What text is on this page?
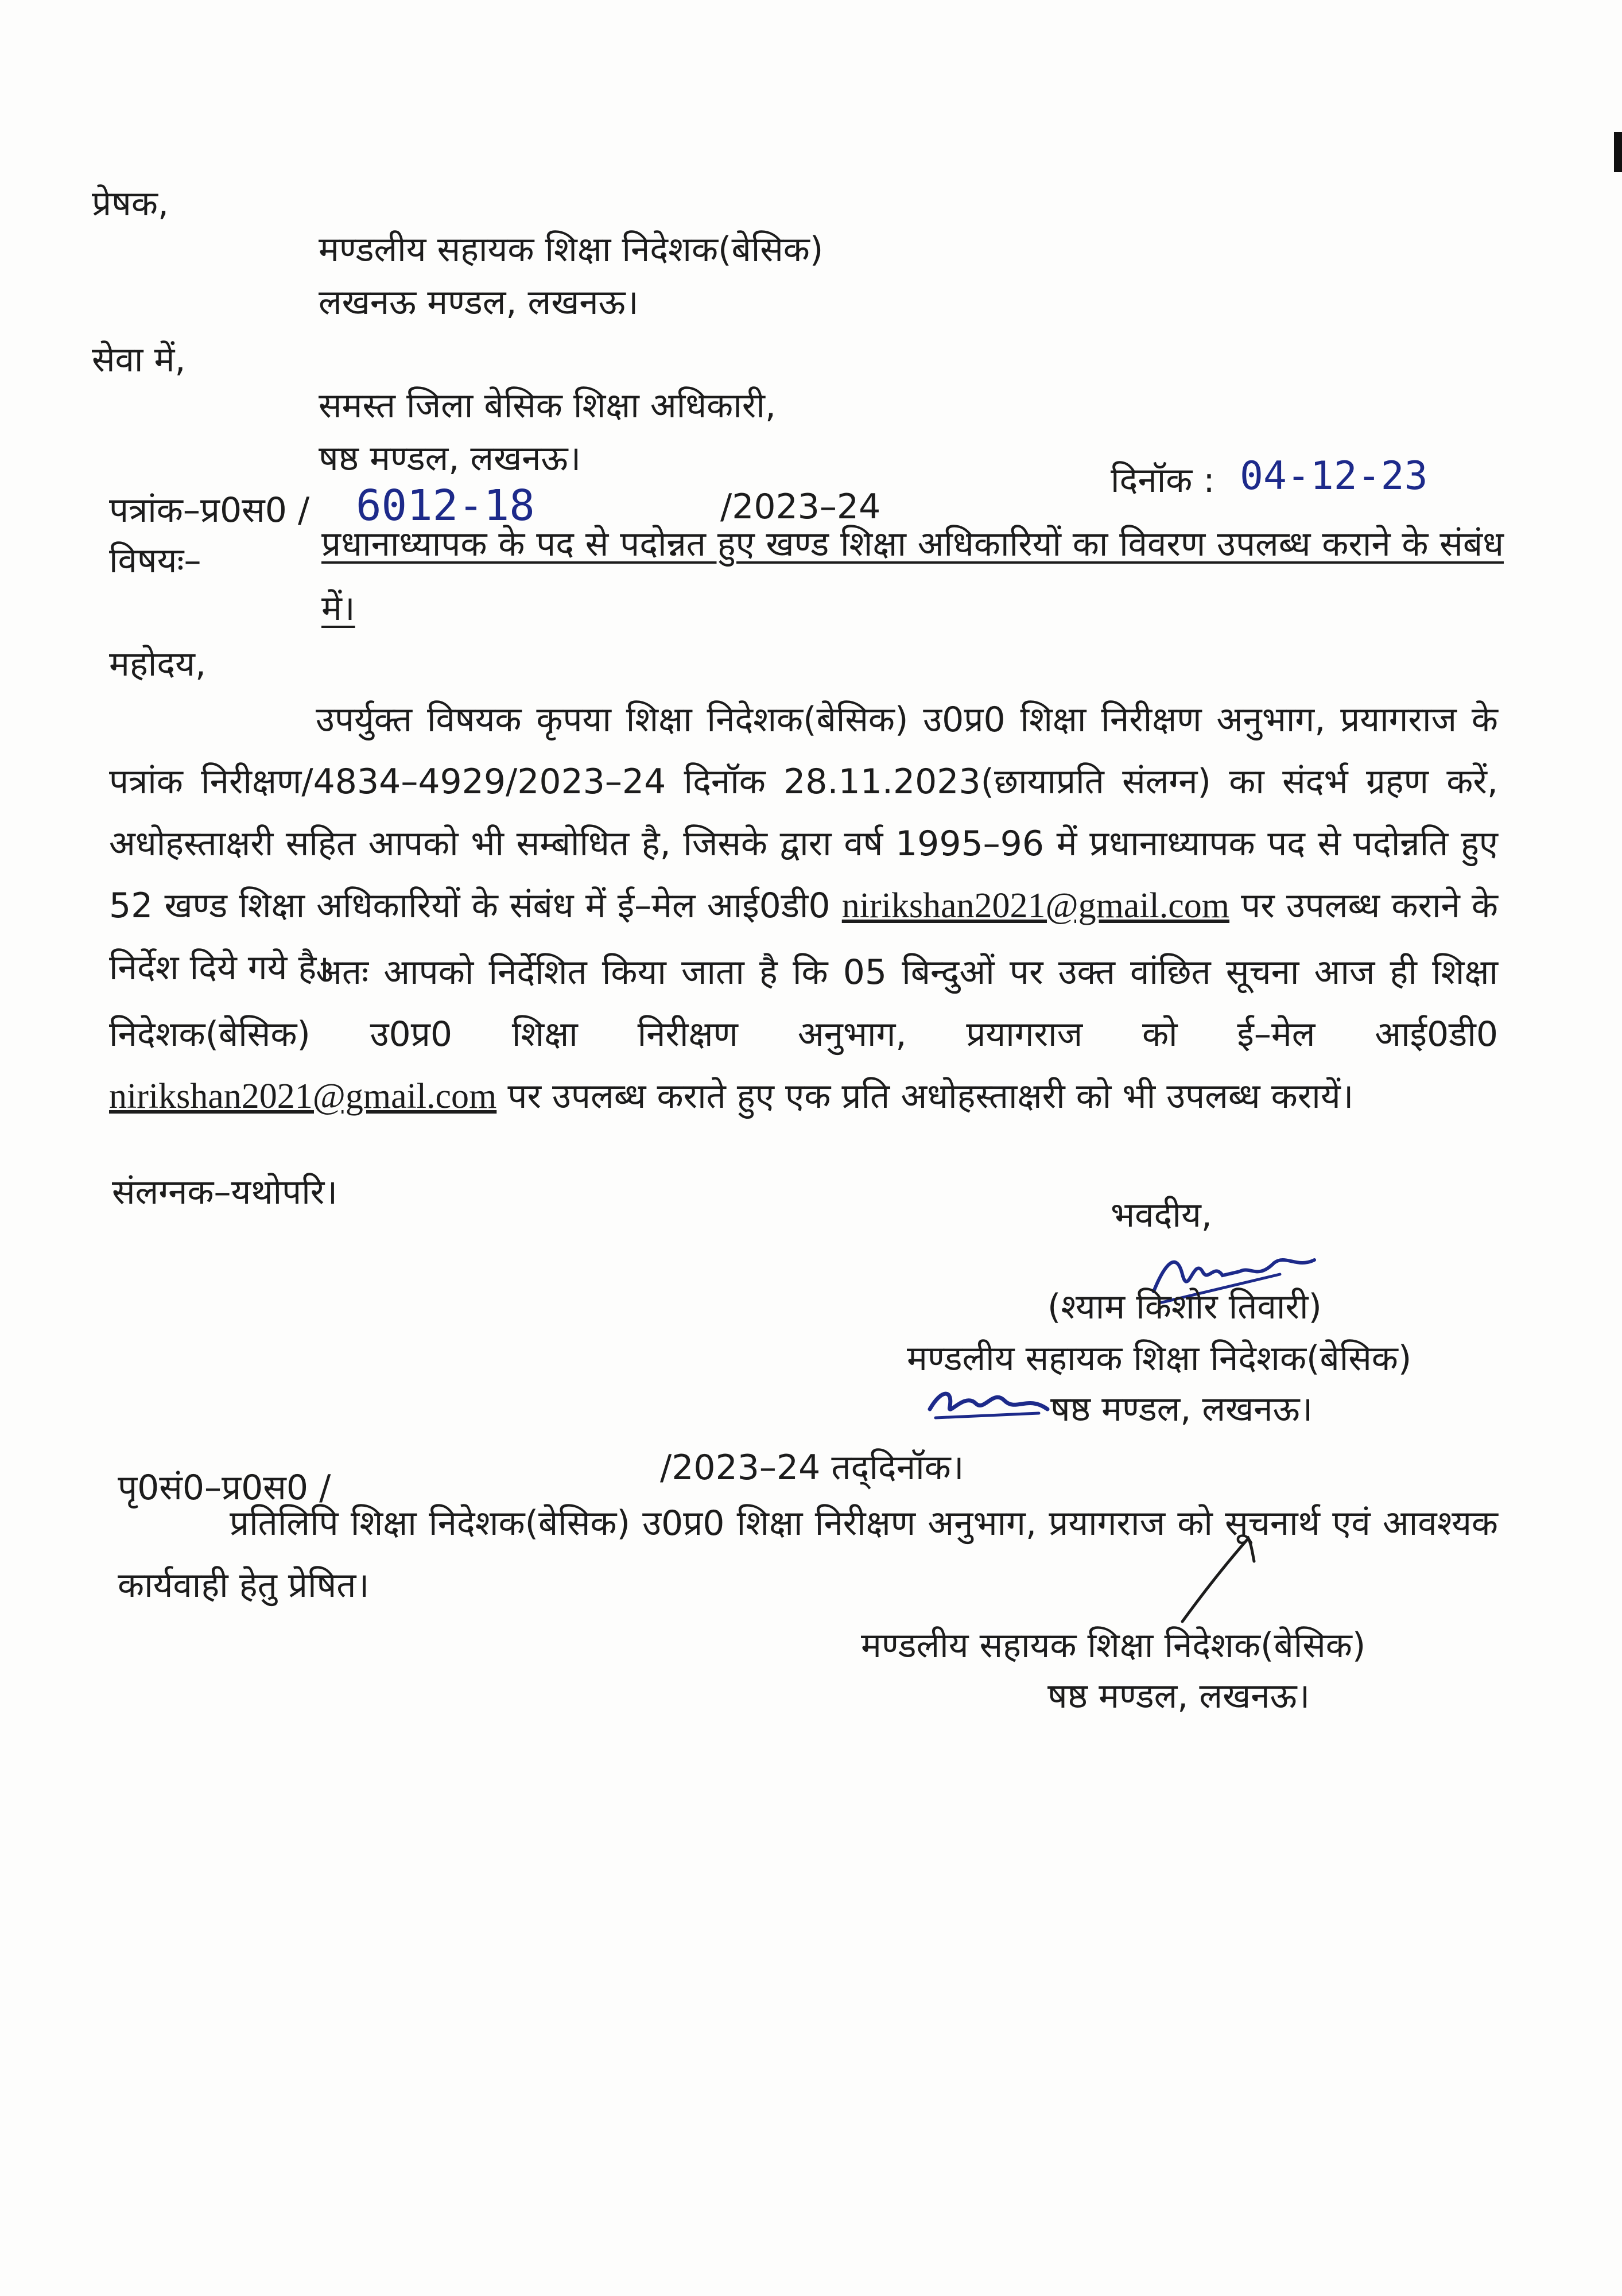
प्रेषक,
मण्डलीय सहायक शिक्षा निदेशक(बेसिक)
लखनऊ मण्डल, लखनऊ।
सेवा में,
समस्त जिला बेसिक शिक्षा अधिकारी,
षष्ठ मण्डल, लखनऊ।
पत्रांक–प्र0स0 / 6012-18	/2023–24
दिनॉक : 04-12-23
विषयः–	प्रधानाध्यापक के पद से पदोन्नत हुए खण्ड शिक्षा अधिकारियों का विवरण उपलब्ध कराने के संबंध में।
महोदय,
उपर्युक्त विषयक कृपया शिक्षा निदेशक(बेसिक) उ0प्र0 शिक्षा निरीक्षण अनुभाग, प्रयागराज के पत्रांक निरीक्षण/4834–4929/2023–24 दिनॉक 28.11.2023(छायाप्रति संलग्न) का संदर्भ ग्रहण करें, अधोहस्ताक्षरी सहित आपको भी सम्बोधित है, जिसके द्वारा वर्ष 1995–96 में प्रधानाध्यापक पद से पदोन्नति हुए 52 खण्ड शिक्षा अधिकारियों के संबंध में ई–मेल आई0डी0 nirikshan2021@gmail.com पर उपलब्ध कराने के निर्देश दिये गये है।
अतः आपको निर्देशित किया जाता है कि 05 बिन्दुओं पर उक्त वांछित सूचना आज ही शिक्षा निदेशक(बेसिक) उ0प्र0 शिक्षा निरीक्षण अनुभाग, प्रयागराज को ई–मेल आई0डी0 nirikshan2021@gmail.com पर उपलब्ध कराते हुए एक प्रति अधोहस्ताक्षरी को भी उपलब्ध करायें।
संलग्नक–यथोपरि।
भवदीय,
(श्याम किशोर तिवारी)
मण्डलीय सहायक शिक्षा निदेशक(बेसिक)
षष्ठ मण्डल, लखनऊ।
पृ0सं0–प्र0स0 /	/2023–24 तद्‌दिनॉक।
प्रतिलिपि शिक्षा निदेशक(बेसिक) उ0प्र0 शिक्षा निरीक्षण अनुभाग, प्रयागराज को सूचनार्थ एवं आवश्यक कार्यवाही हेतु प्रेषित।
मण्डलीय सहायक शिक्षा निदेशक(बेसिक)
षष्ठ मण्डल, लखनऊ।
